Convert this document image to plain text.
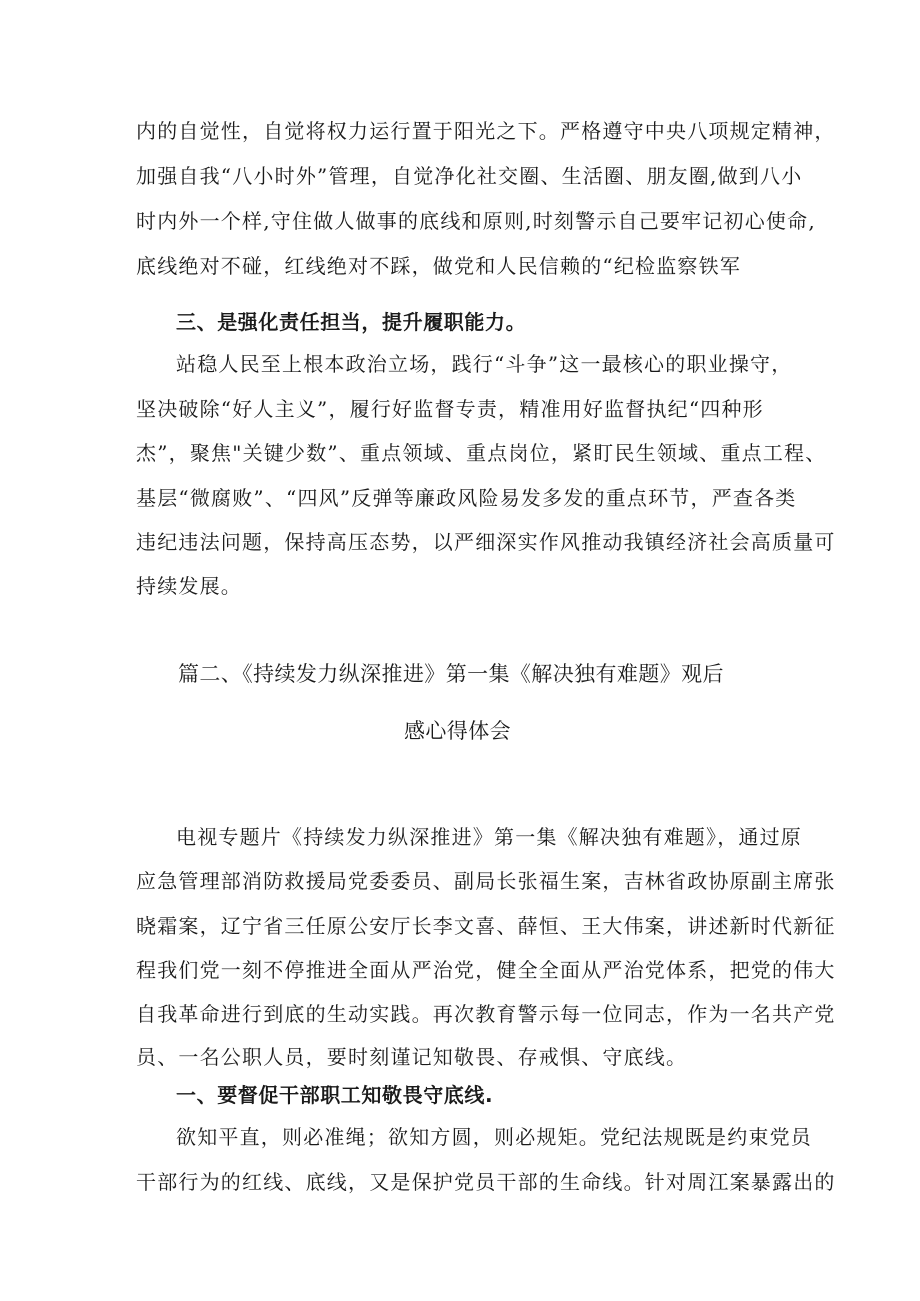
内的自觉性，自觉将权力运行置于阳光之下。严格遵守中央八项规定精神，
加强自我“八小时外”管理，自觉净化社交圈、生活圈、朋友圈,做到八小
时内外一个样,守住做人做事的底线和原则,时刻警示自己要牢记初心使命,
底线绝对不碰，红线绝对不踩，做党和人民信赖的“纪检监察铁军
三、是强化责任担当，提升履职能力。
站稳人民至上根本政治立场，践行“斗争”这一最核心的职业操守，
坚决破除“好人主义”，履行好监督专责，精准用好监督执纪“四种形
杰”，聚焦"关键少数”、重点领域、重点岗位，紧盯民生领域、重点工程、
基层“微腐败”、“四风”反弹等廉政风险易发多发的重点环节，严查各类
违纪违法问题，保持高压态势，以严细深实作风推动我镇经济社会高质量可
持续发展。
篇二、《持续发力纵深推进》第一集《解决独有难题》观后
感心得体会
电视专题片《持续发力纵深推进》第一集《解决独有难题》，通过原
应急管理部消防救援局党委委员、副局长张福生案，吉林省政协原副主席张
晓霜案，辽宁省三任原公安厅长李文喜、薛恒、王大伟案，讲述新时代新征
程我们党一刻不停推进全面从严治党，健全全面从严治党体系，把党的伟大
自我革命进行到底的生动实践。再次教育警示每一位同志，作为一名共产党
员、一名公职人员，要时刻谨记知敬畏、存戒惧、守底线。
一、要督促干部职工知敬畏守底线.
欲知平直，则必准绳；欲知方圆，则必规矩。党纪法规既是约束党员
干部行为的红线、底线，又是保护党员干部的生命线。针对周江案暴露出的
